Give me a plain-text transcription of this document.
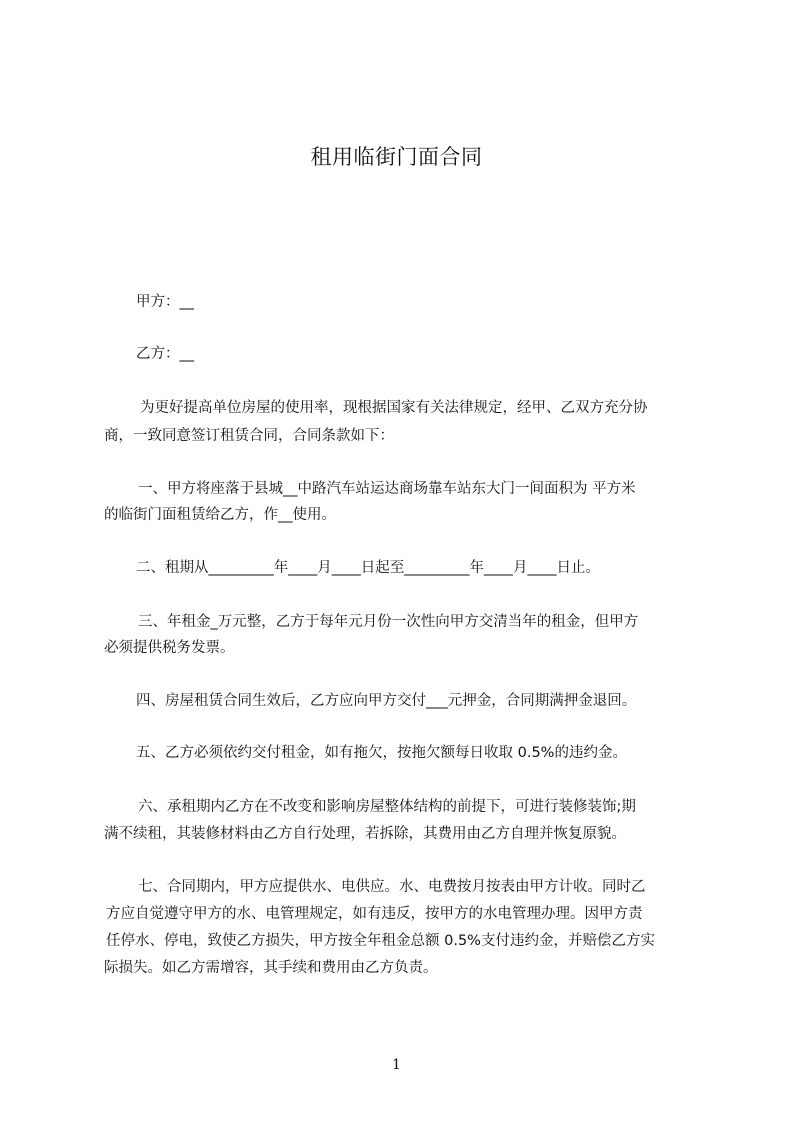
租用临街门面合同
甲方：__
乙方：__
为更好提高单位房屋的使用率，现根据国家有关法律规定，经甲、乙双方充分协
商，一致同意签订租赁合同，合同条款如下：
一、甲方将座落于县城__中路汽车站运达商场靠车站东大门一间面积为 平方米
的临街门面租赁给乙方，作__使用。
二、租期从_________年____月____日起至_________年____月____日止。
三、年租金_万元整，乙方于每年元月份一次性向甲方交清当年的租金，但甲方
必须提供税务发票。
四、房屋租赁合同生效后，乙方应向甲方交付___元押金，合同期满押金退回。
五、乙方必须依约交付租金，如有拖欠，按拖欠额每日收取 0.5%的违约金。
六、承租期内乙方在不改变和影响房屋整体结构的前提下，可进行装修装饰;期
满不续租，其装修材料由乙方自行处理，若拆除，其费用由乙方自理并恢复原貌。
七、合同期内，甲方应提供水、电供应。水、电费按月按表由甲方计收。同时乙
方应自觉遵守甲方的水、电管理规定，如有违反，按甲方的水电管理办理。因甲方责
任停水、停电，致使乙方损失，甲方按全年租金总额 0.5%支付违约金，并赔偿乙方实
际损失。如乙方需增容，其手续和费用由乙方负责。
1
